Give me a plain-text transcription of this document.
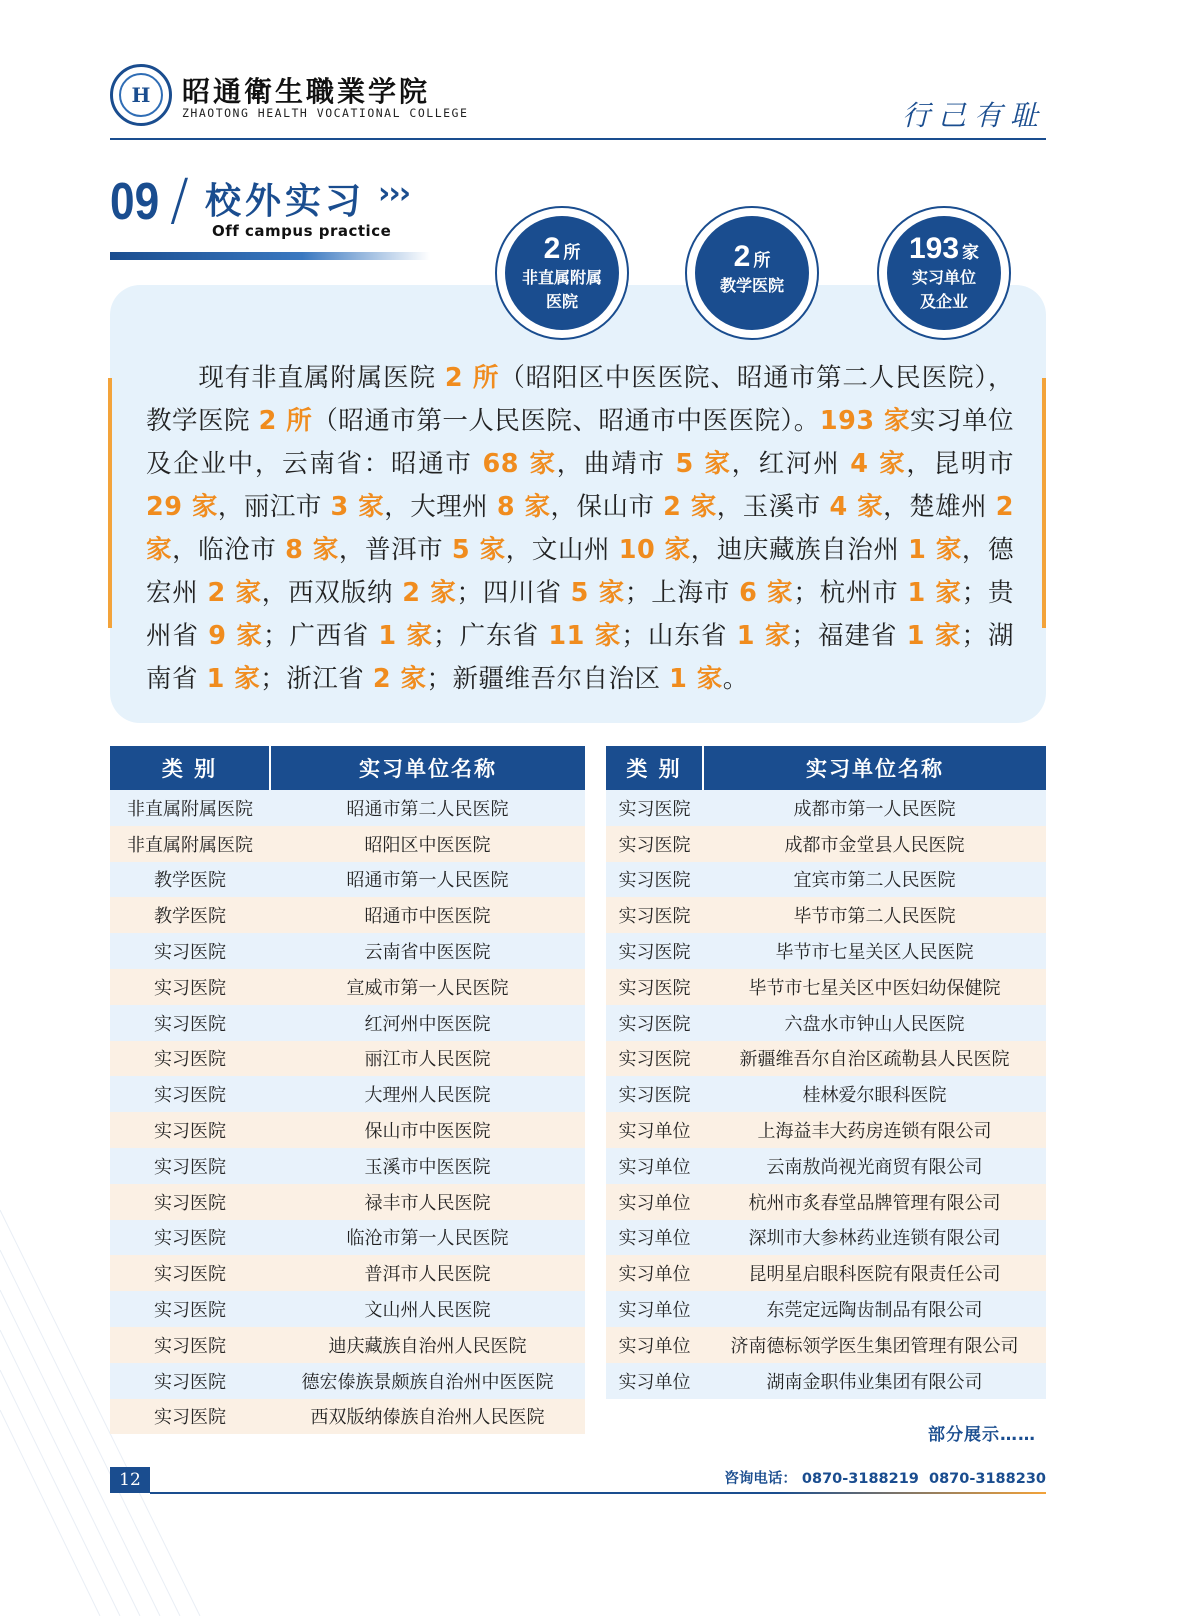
H	昭通衛生職業学院
ZHAOTONG HEALTH VOCATIONAL COLLEGE	行己有耻
09 / 校外实习 ›››
Off campus practice
2 所
非直属附属
医院
2 所
教学医院
193 家
实习单位
及企业
现有非直属附属医院 2 所（昭阳区中医医院、昭通市第二人民医院），教学医院 2 所（昭通市第一人民医院、昭通市中医医院）。193 家实习单位及企业中，云南省：昭通市 68 家，曲靖市 5 家，红河州 4 家，昆明市 29 家，丽江市 3 家，大理州 8 家，保山市 2 家，玉溪市 4 家，楚雄州 2 家，临沧市 8 家，普洱市 5 家，文山州 10 家，迪庆藏族自治州 1 家，德宏州 2 家，西双版纳 2 家；四川省 5 家；上海市 6 家；杭州市 1 家；贵州省 9 家；广西省 1 家；广东省 11 家；山东省 1 家；福建省 1 家；湖南省 1 家；浙江省 2 家；新疆维吾尔自治区 1 家。
类 别	实习单位名称
非直属附属医院	昭通市第二人民医院
非直属附属医院	昭阳区中医医院
教学医院	昭通市第一人民医院
教学医院	昭通市中医医院
实习医院	云南省中医医院
实习医院	宣威市第一人民医院
实习医院	红河州中医医院
实习医院	丽江市人民医院
实习医院	大理州人民医院
实习医院	保山市中医医院
实习医院	玉溪市中医医院
实习医院	禄丰市人民医院
实习医院	临沧市第一人民医院
实习医院	普洱市人民医院
实习医院	文山州人民医院
实习医院	迪庆藏族自治州人民医院
实习医院	德宏傣族景颇族自治州中医医院
实习医院	西双版纳傣族自治州人民医院
类 别	实习单位名称
实习医院	成都市第一人民医院
实习医院	成都市金堂县人民医院
实习医院	宜宾市第二人民医院
实习医院	毕节市第二人民医院
实习医院	毕节市七星关区人民医院
实习医院	毕节市七星关区中医妇幼保健院
实习医院	六盘水市钟山人民医院
实习医院	新疆维吾尔自治区疏勒县人民医院
实习医院	桂林爱尔眼科医院
实习单位	上海益丰大药房连锁有限公司
实习单位	云南敖尚视光商贸有限公司
实习单位	杭州市炙春堂品牌管理有限公司
实习单位	深圳市大参林药业连锁有限公司
实习单位	昆明星启眼科医院有限责任公司
实习单位	东莞定远陶齿制品有限公司
实习单位	济南德标领学医生集团管理有限公司
实习单位	湖南金职伟业集团有限公司
部分展示……
12	咨询电话： 0870-3188219 0870-3188230
